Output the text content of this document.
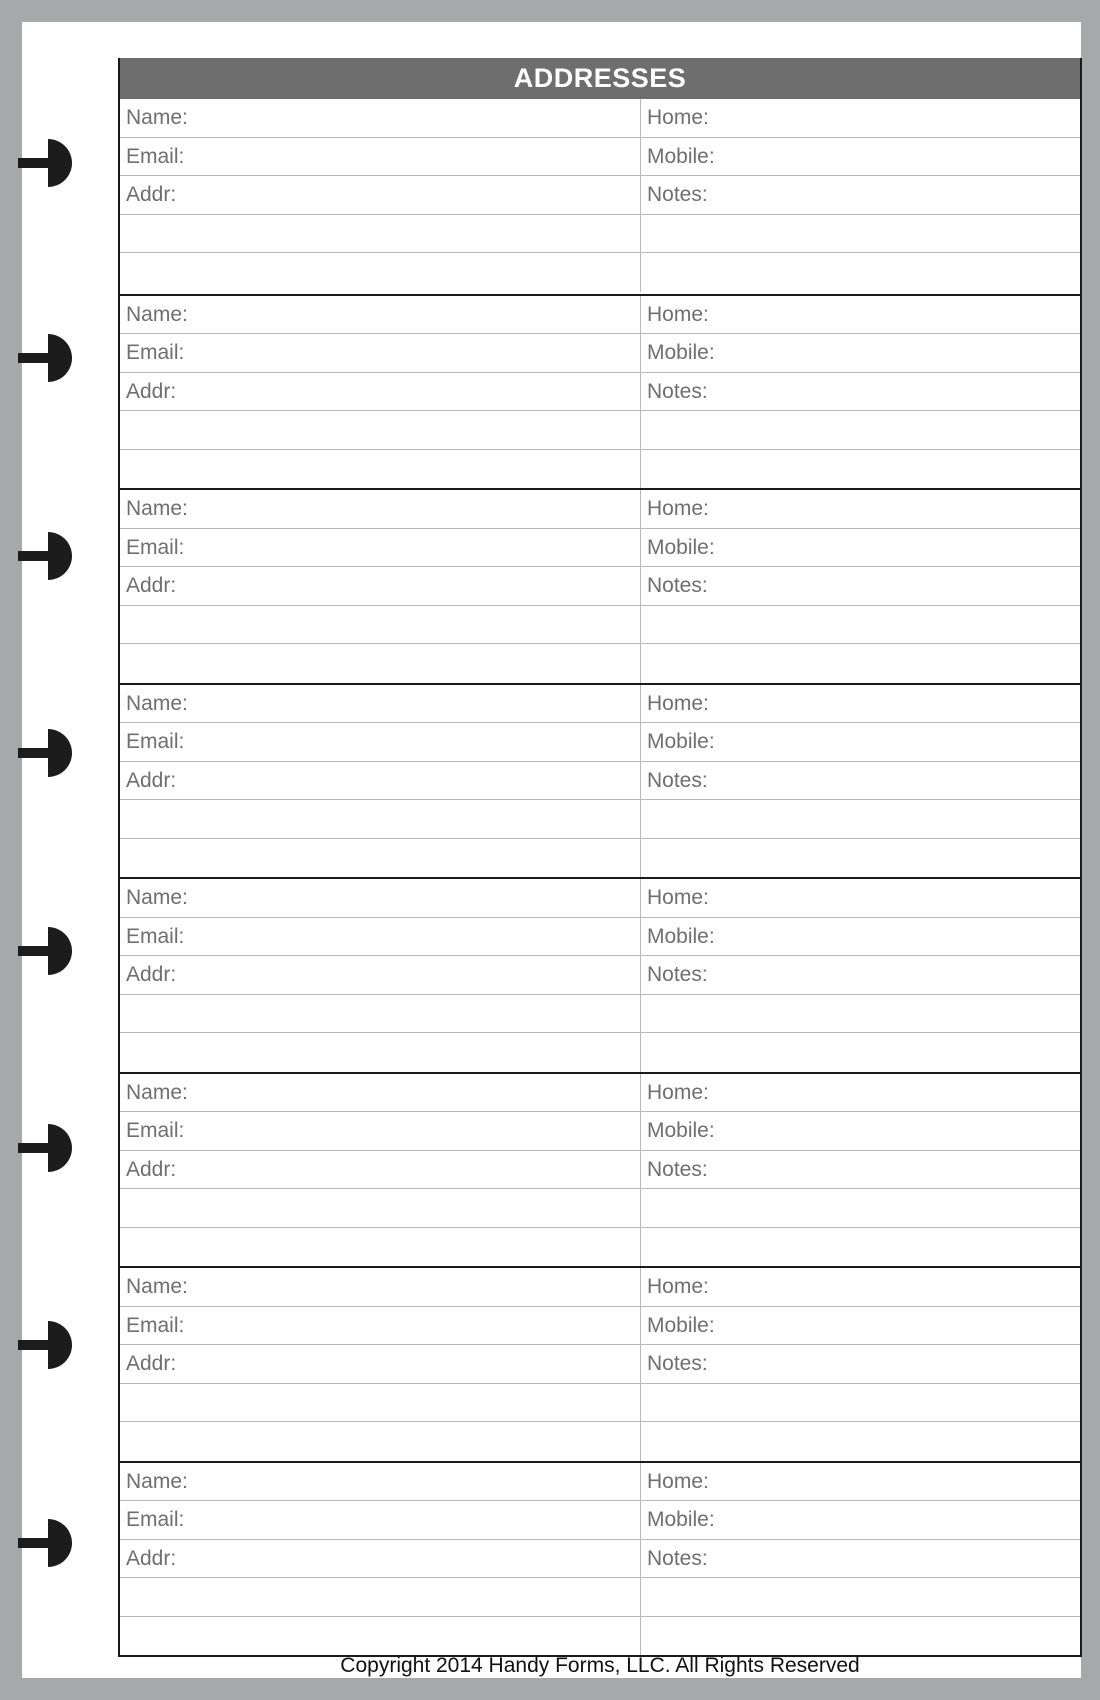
ADDRESSES
Name:	Home:
Email:	Mobile:
Addr:	Notes:
Name:	Home:
Email:	Mobile:
Addr:	Notes:
Name:	Home:
Email:	Mobile:
Addr:	Notes:
Name:	Home:
Email:	Mobile:
Addr:	Notes:
Name:	Home:
Email:	Mobile:
Addr:	Notes:
Name:	Home:
Email:	Mobile:
Addr:	Notes:
Name:	Home:
Email:	Mobile:
Addr:	Notes:
Name:	Home:
Email:	Mobile:
Addr:	Notes:
Copyright 2014 Handy Forms, LLC. All Rights Reserved
